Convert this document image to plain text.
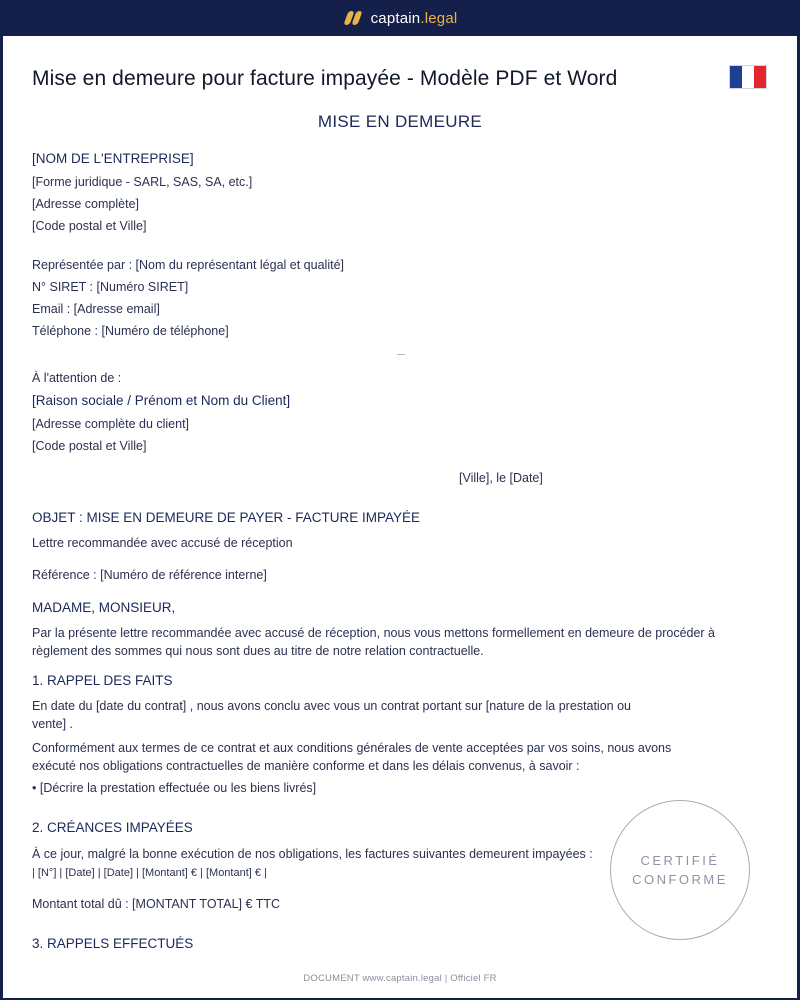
captain.legal
Mise en demeure pour facture impayée - Modèle PDF et Word
MISE EN DEMEURE
[NOM DE L'ENTREPRISE]
[Forme juridique - SARL, SAS, SA, etc.]
[Adresse complète]
[Code postal et Ville]
Représentée par : [Nom du représentant légal et qualité]
N° SIRET : [Numéro SIRET]
Email : [Adresse email]
Téléphone : [Numéro de téléphone]
À l'attention de :
[Raison sociale / Prénom et Nom du Client]
[Adresse complète du client]
[Code postal et Ville]
[Ville], le [Date]
OBJET : MISE EN DEMEURE DE PAYER - FACTURE IMPAYÉE
Lettre recommandée avec accusé de réception
Référence : [Numéro de référence interne]
MADAME, MONSIEUR,
Par la présente lettre recommandée avec accusé de réception, nous vous mettons formellement en demeure de procéder à
règlement des sommes qui nous sont dues au titre de notre relation contractuelle.
1. RAPPEL DES FAITS
En date du [date du contrat] , nous avons conclu avec vous un contrat portant sur [nature de la prestation ou
vente] .
Conformément aux termes de ce contrat et aux conditions générales de vente acceptées par vos soins, nous avons
exécuté nos obligations contractuelles de manière conforme et dans les délais convenus, à savoir :
• [Décrire la prestation effectuée ou les biens livrés]
2. CRÉANCES IMPAYÉES
À ce jour, malgré la bonne exécution de nos obligations, les factures suivantes demeurent impayées :
| [N°] | [Date] | [Date] | [Montant] € | [Montant] € |
Montant total dû : [MONTANT TOTAL] € TTC
3. RAPPELS EFFECTUÉS
CERTIFIÉ
CONFORME
DOCUMENT www.captain.legal | Officiel FR
